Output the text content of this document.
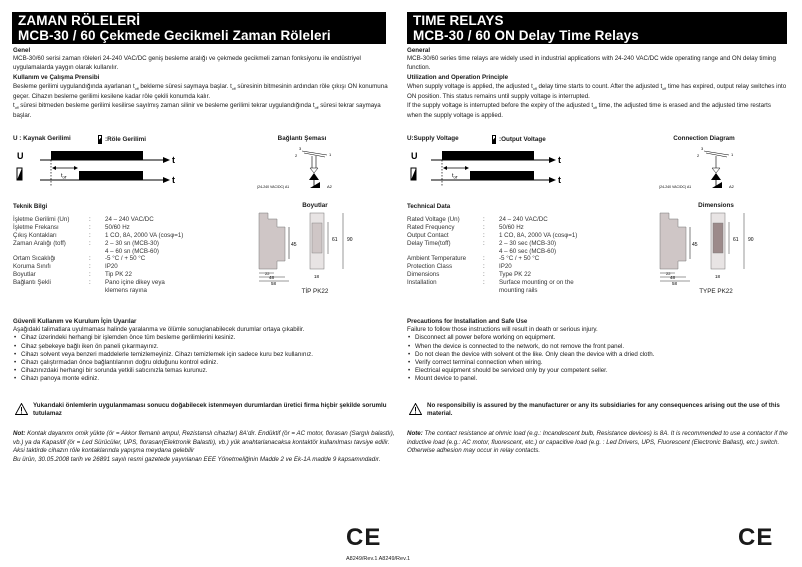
ZAMAN RÖLELERİ
MCB-30 / 60 Çekmede Gecikmeli Zaman Röleleri
Genel
MCB-30/60 serisi zaman röleleri 24-240 VAC/DC geniş besleme aralığı ve çekmede gecikmeli zaman fonksiyonu ile endüstriyel uygulamalarda yaygın olarak kullanılır.
Kullanım ve Çalışma Prensibi
Besleme gerilimi uygulandığında ayarlanan $t_{off}$ bekleme süresi saymaya başlar. $t_{off}$ süresinin bitmesinin ardından röle çıkışı ON konumuna geçer. Cihazın besleme gerilimi kesilene kadar röle çekili konumda kalır.
$t_{off}$ süresi bitmeden besleme gerilimi kesilirse sayılmış zaman silinir ve besleme gerilimi tekrar uygulandığında $t_{off}$ süresi tekrar saymaya başlar.
U : Kaynak Gerilimi	:Röle Gerilimi
U	t
t
$t_{off}$
Bağlantı Şeması
3
2	1
(24-240 VAC/DC) A1	A2
Teknik Bilgi
İşletme Gerilimi (Un)	:	24 – 240 VAC/DC
İşletme Frekansı	:	50/60 Hz
Çıkış Kontakları	:	1 CO, 8A, 2000 VA (cosφ=1)
Zaman Aralığı (toff)	:	2 – 30 sn (MCB-30)
		4 – 60 sn (MCB-60)
Ortam Sıcaklığı	:	-5 °C / + 50 °C
Koruma Sınıfı	:	IP20
Boyutlar	:	Tip PK 22
Bağlantı Şekli	:	Pano içine dikey veya klemens rayına
Boyutlar
45
22
48
58
61 90
18
TİP PK22
Güvenli Kullanım ve Kurulum İçin Uyarılar
Aşağıdaki talimatlara uyulmaması halinde yaralanma ve ölümle sonuçlanabilecek durumlar ortaya çıkabilir.
• Cihaz üzerindeki herhangi bir işlemden önce tüm besleme gerilimlerini kesiniz.
• Cihaz şebekeye bağlı iken ön paneli çıkarmayınız.
• Cihazı solvent veya benzeri maddelerle temizlemeyiniz. Cihazı temizlemek için sadece kuru bez kullanınız.
• Cihazı çalıştırmadan önce bağlantılarının doğru olduğunu kontrol ediniz.
• Cihazınızdaki herhangi bir sorunda yetkili satıcınızla temas kurunuz.
• Cihazı panoya monte ediniz.
Yukarıdaki önlemlerin uygulanmaması sonucu doğabilecek istenmeyen durumlardan üretici firma hiçbir şekilde sorumlu tutulamaz
Not: Kontak dayanımı omik yükte (ör = Akkor flemanlı ampul, Rezistanslı cihazlar) 8A'dir. Endüktif (ör = AC motor, florasan (Sargılı balastlı), vb.) ya da Kapasitif (ör = Led Sürücüler, UPS, florasan(Elektronik Balastlı), vb.) yük anahtarlanacaksa kontaktör kullanılması tavsiye edilir. Aksi taktirde cihazın röle kontaklarında yapışma meydana gelebilir
Bu ürün, 30.05.2008 tarih ve 26891 sayılı resmi gazetede yayınlanan EEE Yönetmeliğinin Madde 2 ve Ek-1A madde 9 kapsamındadır.
CE
TIME RELAYS
MCB-30 / 60 ON Delay Time Relays
General
MCB-30/60 series time relays are widely used in industrial applications with 24-240 VAC/DC wide operating range and ON delay timing function.
Utilization and Operation Principle
When supply voltage is applied, the adjusted $t_{off}$ delay time starts to count. After the adjusted $t_{off}$ time has expired, output relay switches into ON position. This status remains until supply voltage is interrupted.
If the supply voltage is interrupted before the expiry of the adjusted $t_{off}$ time, the adjusted time is erased and the adjusted time restarts when the supply voltage is applied.
U:Supply Voltage	:Output Voltage
U	t
t
$t_{off}$
Connection Diagram
3
2	1
(24-240 VAC/DC) A1	A2
Technical Data
Rated Voltage (Un)	:	24 – 240 VAC/DC
Rated Frequency	:	50/60 Hz
Output Contact	:	1 CO, 8A, 2000 VA (cosφ=1)
Delay Time(toff)	:	2 – 30 sec (MCB-30)
		4 – 60 sec (MCB-60)
Ambient Temperature	:	-5 °C / + 50 °C
Protection Class	:	IP20
Dimensions	:	Type PK 22
Installation	:	Surface mounting or on the mounting rails
Dimensions
45
22
48
58
61 90
18
TYPE PK22
Precautions for Installation and Safe Use
Failure to follow those instructions will result in death or serious injury.
• Disconnect all power before working on equipment.
• When the device is connected to the network, do not remove the front panel.
• Do not clean the device with solvent ot the like. Only clean the device with a dried cloth.
• Verify correct terminal connection when wiring.
• Electrical equipment should be serviced only by your competent seller.
• Mount device to panel.
No responsibiliy is assured by the manufacturer or any its subsidiaries for any consequences arising out the use of this material.
Note: The contact resistance at ohmic load (e.g.: Incandescent bulb, Resistance devices) is 8A. It is recommended to use a contactor if the inductive load (e.g.: AC motor, fluorescent, etc.) or capacitive load (e.g. : Led Drivers, UPS, Fluorescent (Electronic Ballast), etc.) switch. Otherwise adhesion may occur in relay contacts.
CE
A8249/Rev.1 A8249/Rev.1
